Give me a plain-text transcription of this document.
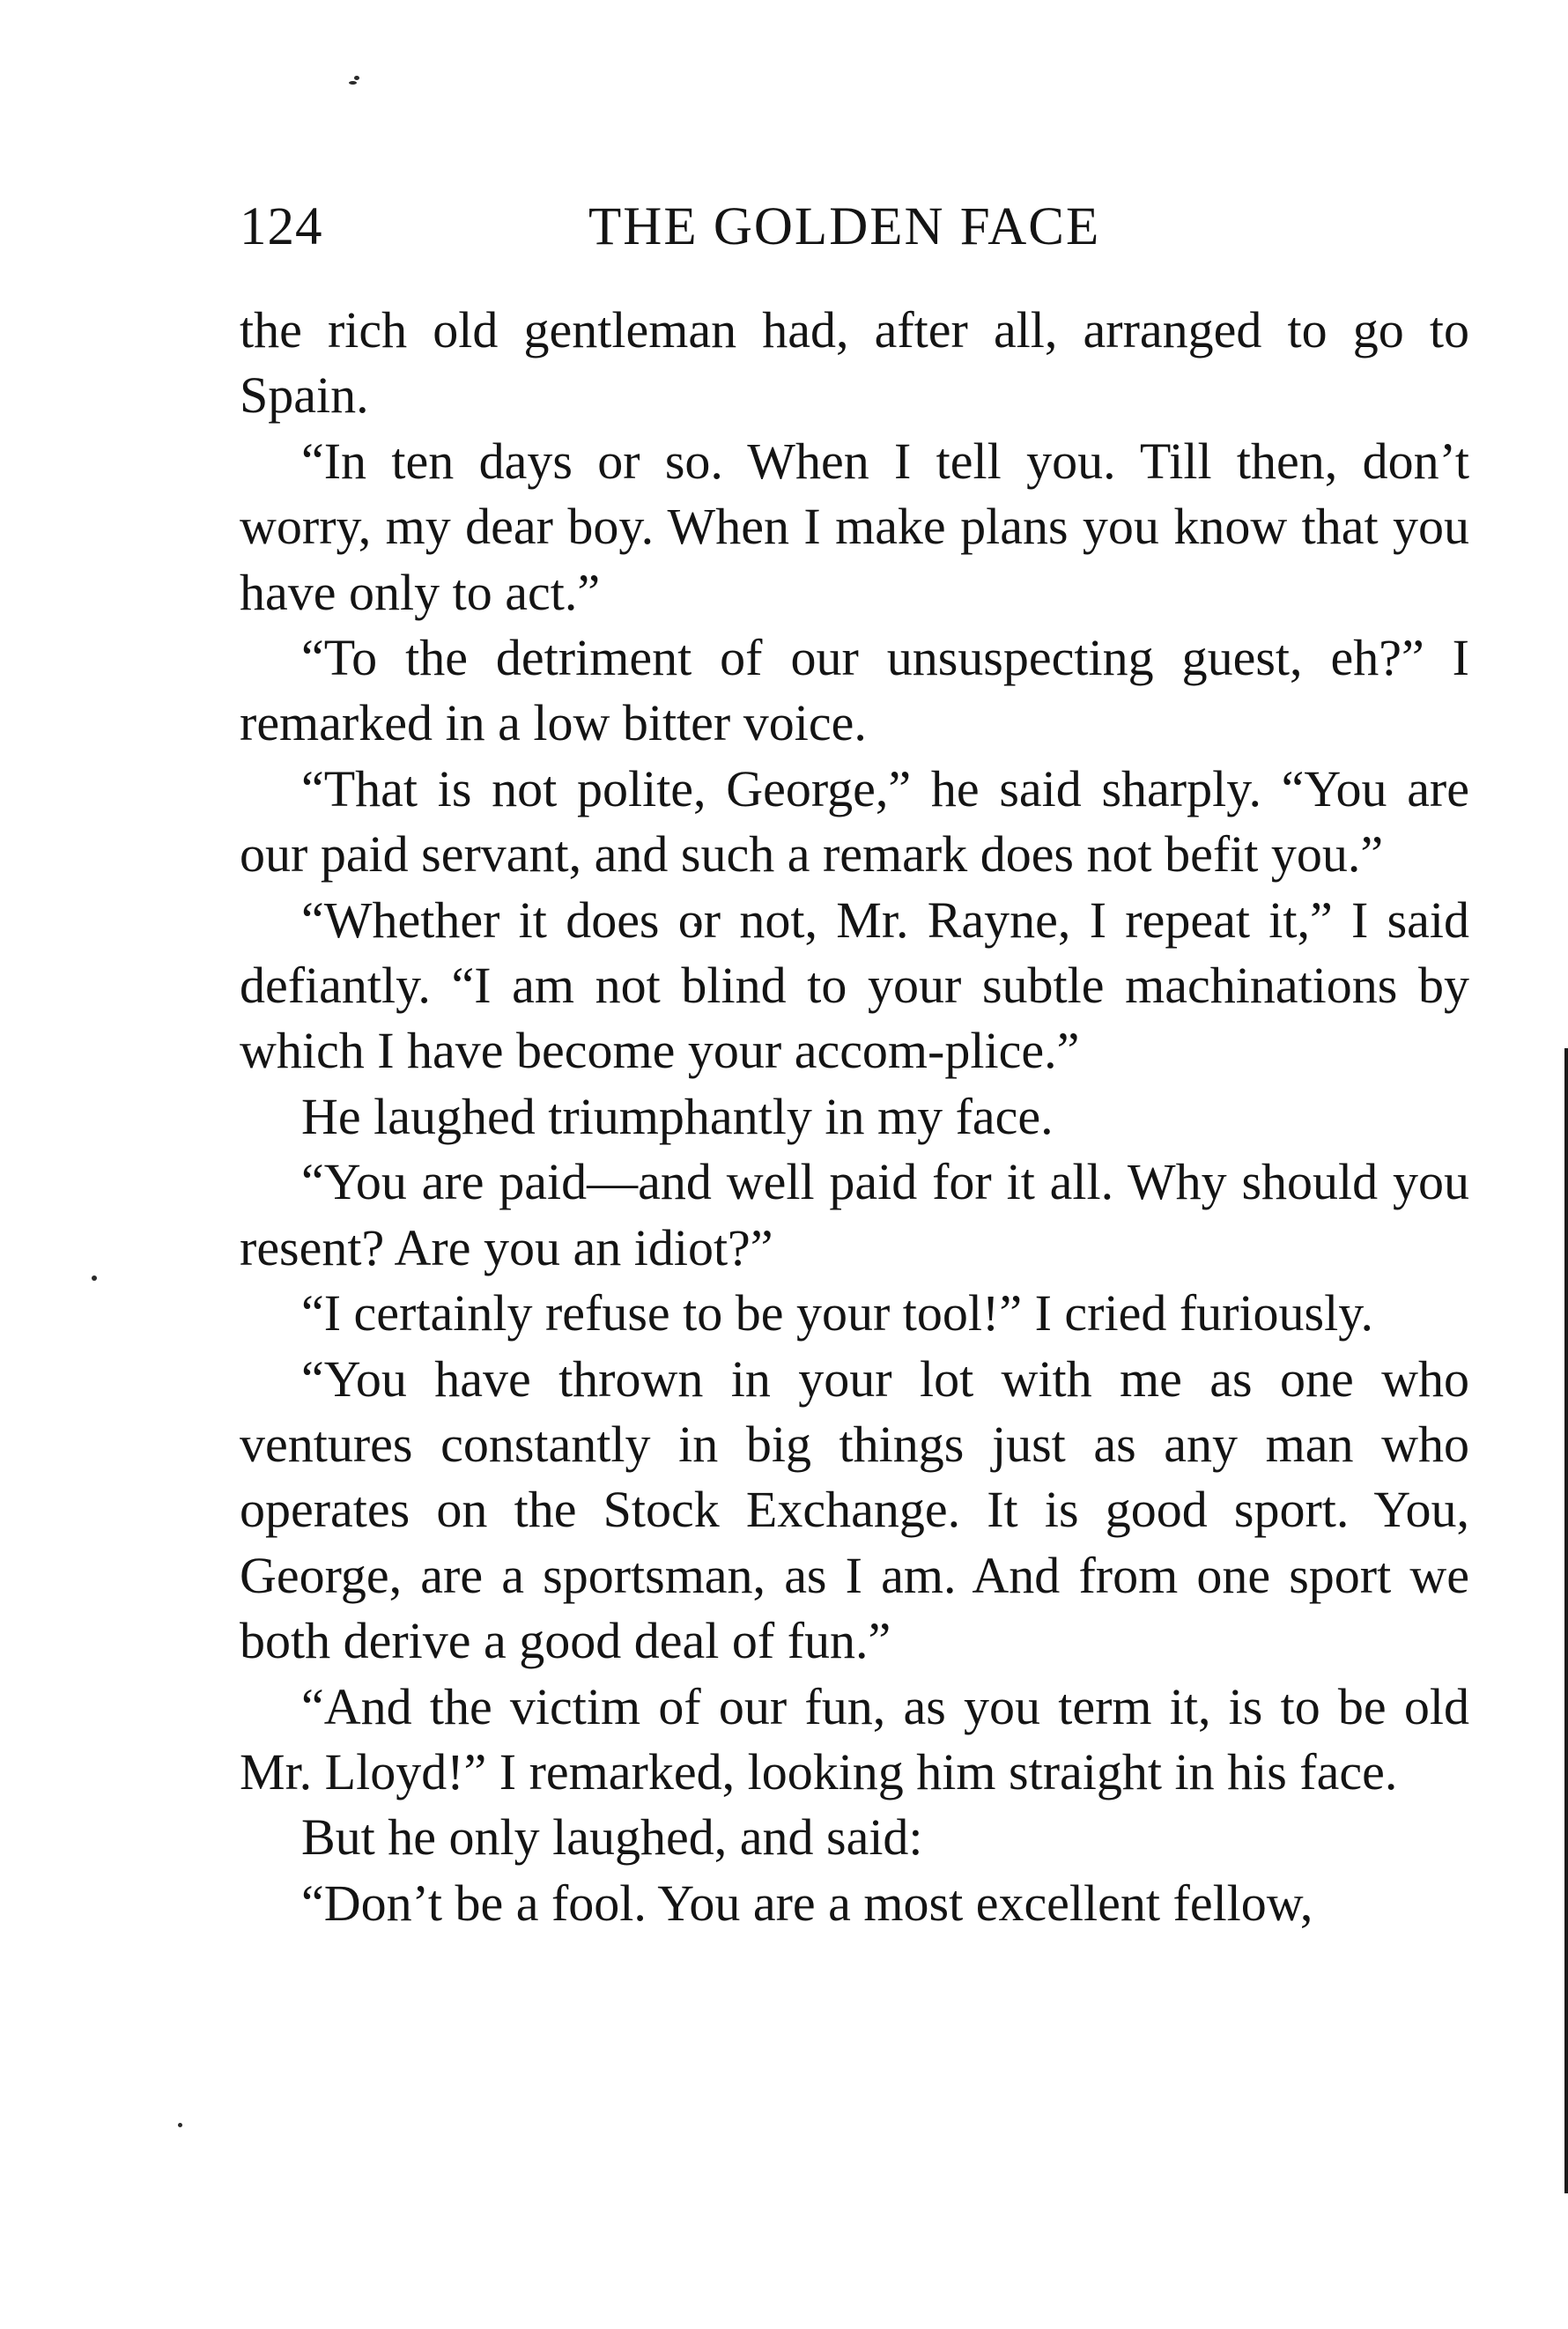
124	THE GOLDEN FACE

the rich old gentleman had, after all, arranged to go to Spain.

“In ten days or so. When I tell you. Till then, don’t worry, my dear boy. When I make plans you know that you have only to act.”

“To the detriment of our unsuspecting guest, eh?” I remarked in a low bitter voice.

“That is not polite, George,” he said sharply. “You are our paid servant, and such a remark does not befit you.”

“Whether it does or not, Mr. Rayne, I repeat it,” I said defiantly. “I am not blind to your subtle machinations by which I have become your accom-plice.”

He laughed triumphantly in my face.

“You are paid—and well paid for it all. Why should you resent? Are you an idiot?”

“I certainly refuse to be your tool!” I cried furiously.

“You have thrown in your lot with me as one who ventures constantly in big things just as any man who operates on the Stock Exchange. It is good sport. You, George, are a sportsman, as I am. And from one sport we both derive a good deal of fun.”

“And the victim of our fun, as you term it, is to be old Mr. Lloyd!” I remarked, looking him straight in his face.

But he only laughed, and said:

“Don’t be a fool. You are a most excellent fellow,
